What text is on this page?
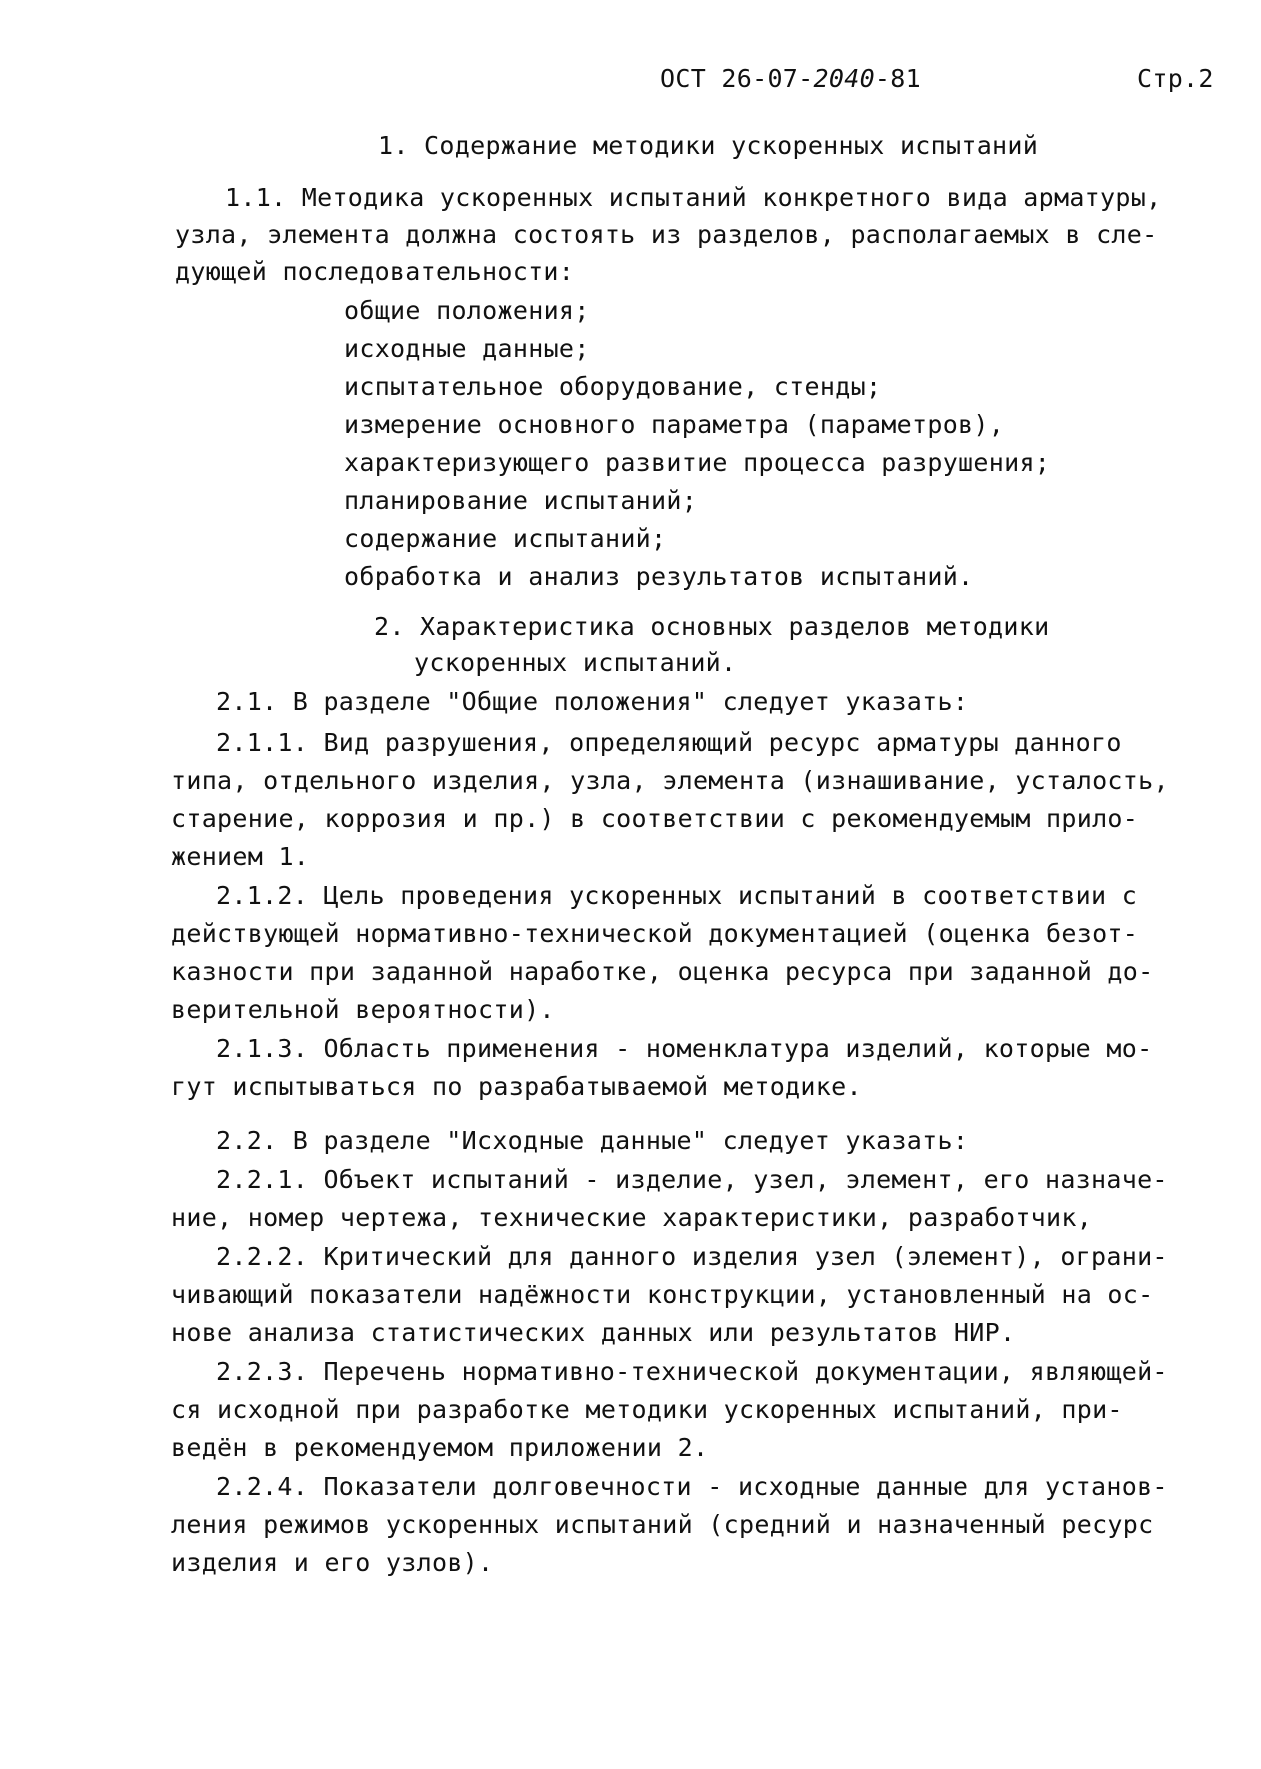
ОСТ 26-07-2040-81	Стр.2
1. Содержание методики ускоренных испытаний
1.1. Методика ускоренных испытаний конкретного вида арматуры,
узла, элемента должна состоять из разделов, располагаемых в сле-
дующей последовательности:
общие положения;
исходные данные;
испытательное оборудование, стенды;
измерение основного параметра (параметров),
характеризующего развитие процесса разрушения;
планирование испытаний;
содержание испытаний;
обработка и анализ результатов испытаний.
2. Характеристика основных разделов методики
ускоренных испытаний.
2.1. В разделе "Общие положения" следует указать:
2.1.1. Вид разрушения, определяющий ресурс арматуры данного
типа, отдельного изделия, узла, элемента (изнашивание, усталость,
старение, коррозия и пр.) в соответствии с рекомендуемым прило-
жением 1.
2.1.2. Цель проведения ускоренных испытаний в соответствии с
действующей нормативно-технической документацией (оценка безот-
казности при заданной наработке, оценка ресурса при заданной до-
верительной вероятности).
2.1.3. Область применения - номенклатура изделий, которые мо-
гут испытываться по разрабатываемой методике.
2.2. В разделе "Исходные данные" следует указать:
2.2.1. Объект испытаний - изделие, узел, элемент, его назначе-
ние, номер чертежа, технические характеристики, разработчик,
2.2.2. Критический для данного изделия узел (элемент), ограни-
чивающий показатели надёжности конструкции, установленный на ос-
нове анализа статистических данных или результатов НИР.
2.2.3. Перечень нормативно-технической документации, являющей-
ся исходной при разработке методики ускоренных испытаний, при-
ведён в рекомендуемом приложении 2.
2.2.4. Показатели долговечности - исходные данные для установ-
ления режимов ускоренных испытаний (средний и назначенный ресурс
изделия и его узлов).
